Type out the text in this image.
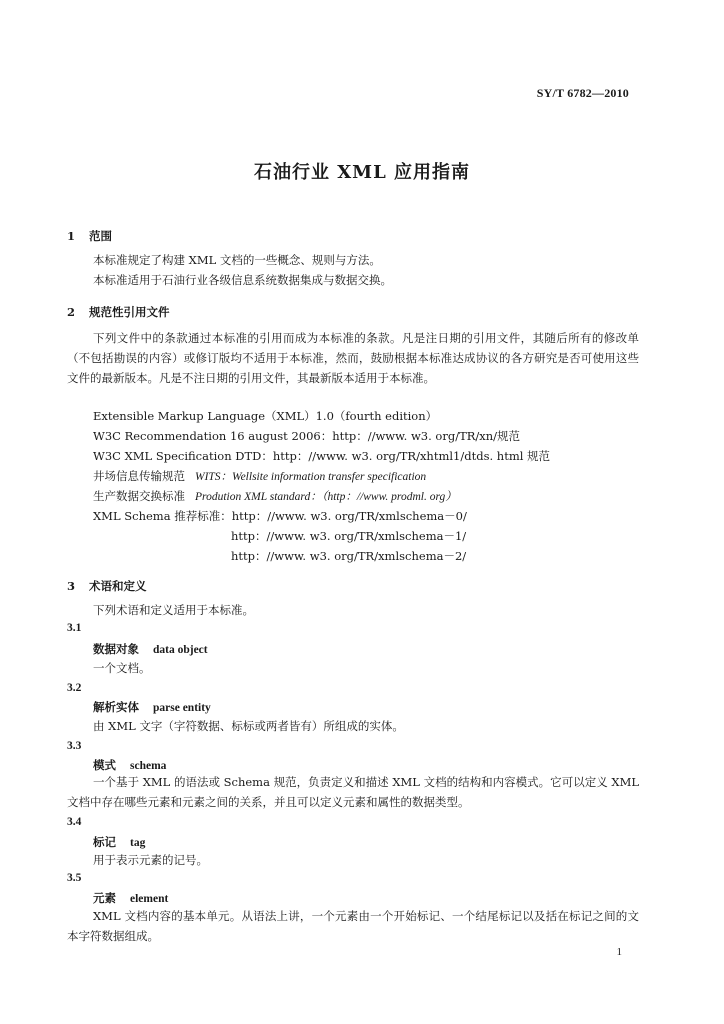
SY/T 6782—2010
石油行业 XML 应用指南
1 范围
本标准规定了构建 XML 文档的一些概念、规则与方法。
本标准适用于石油行业各级信息系统数据集成与数据交换。
2 规范性引用文件
下列文件中的条款通过本标准的引用而成为本标准的条款。凡是注日期的引用文件，其随后所有的修改单（不包括勘误的内容）或修订版均不适用于本标准，然而，鼓励根据本标准达成协议的各方研究是否可使用这些文件的最新版本。凡是不注日期的引用文件，其最新版本适用于本标准。
Extensible Markup Language（XML）1.0（fourth edition）
W3C Recommendation 16 august 2006：http：//www. w3. org/TR/xn/规范
W3C XML Specification DTD：http：//www. w3. org/TR/xhtml1/dtds. html 规范
井场信息传输规范 WITS：Wellsite information transfer specification
生产数据交换标准 Prodution XML standard：（http：//www. prodml. org）
XML Schema 推荐标准：http：//www. w3. org/TR/xmlschema－0/
http：//www. w3. org/TR/xmlschema－1/
http：//www. w3. org/TR/xmlschema－2/
3 术语和定义
下列术语和定义适用于本标准。
3.1
数据对象 data object
一个文档。
3.2
解析实体 parse entity
由 XML 文字（字符数据、标标或两者皆有）所组成的实体。
3.3
模式 schema
一个基于 XML 的语法或 Schema 规范，负责定义和描述 XML 文档的结构和内容模式。它可以定义 XML 文档中存在哪些元素和元素之间的关系，并且可以定义元素和属性的数据类型。
3.4
标记 tag
用于表示元素的记号。
3.5
元素 element
XML 文档内容的基本单元。从语法上讲，一个元素由一个开始标记、一个结尾标记以及括在标记之间的文本字符数据组成。
1
